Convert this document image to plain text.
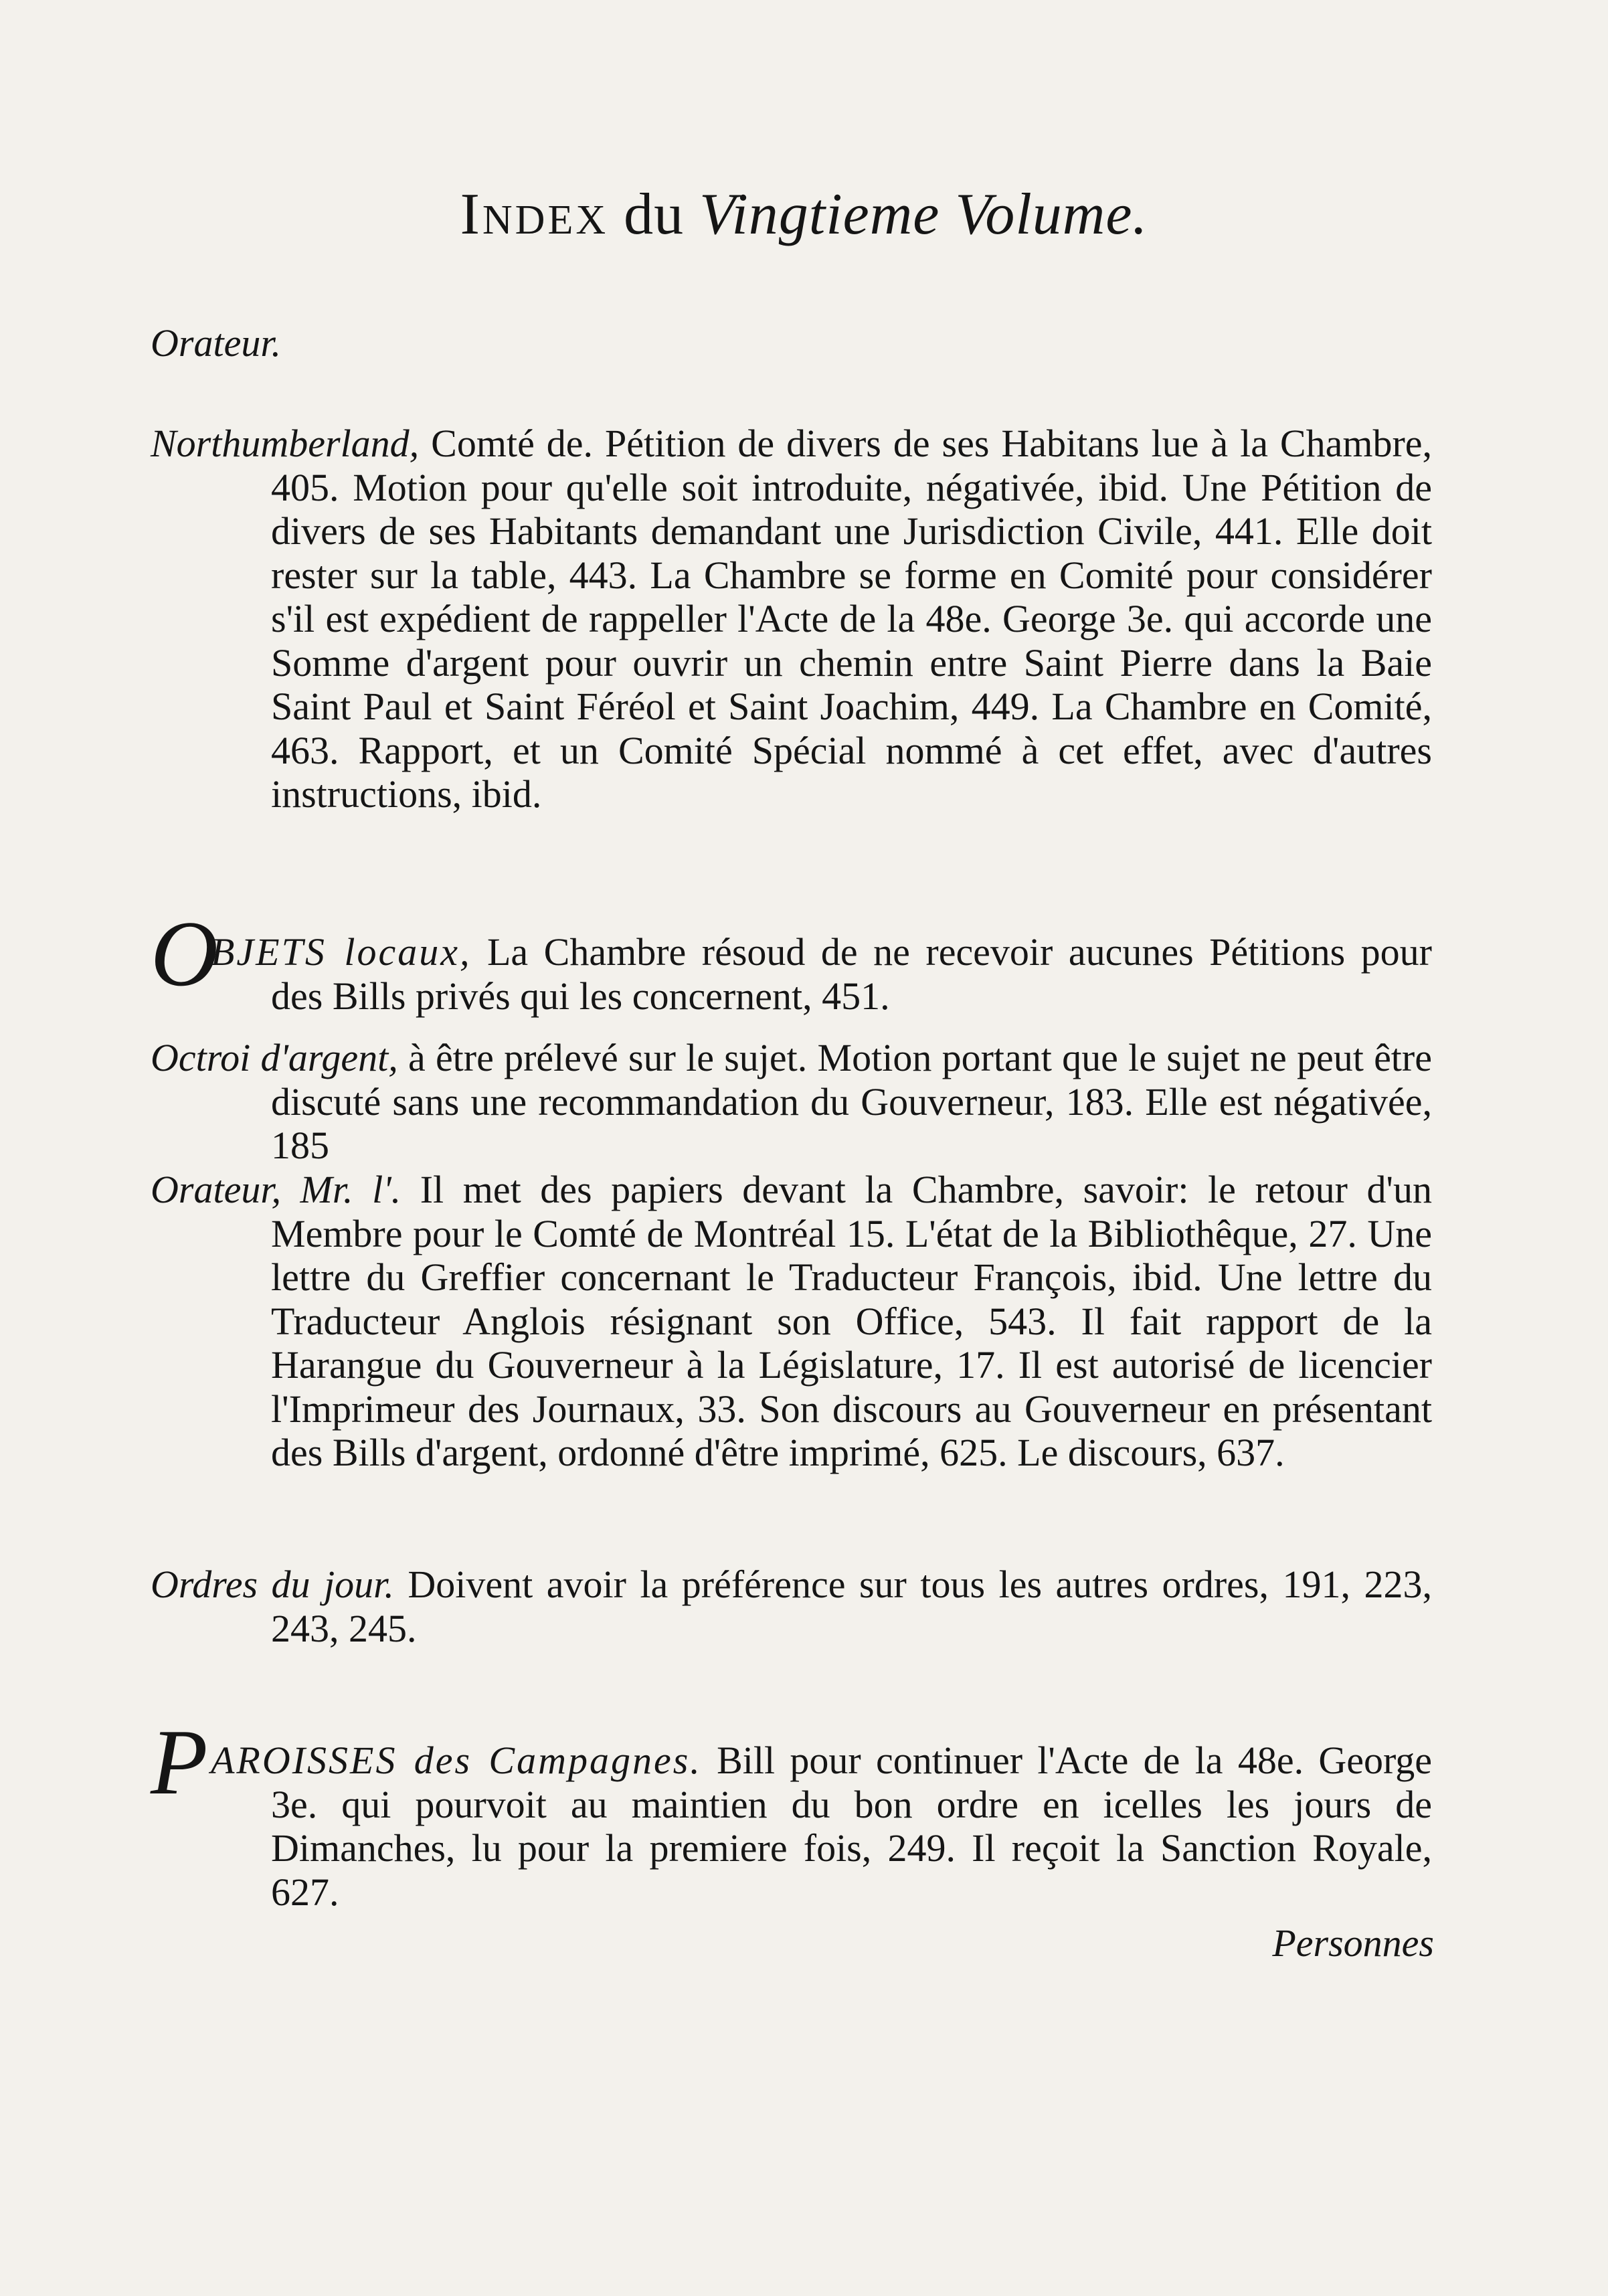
Index du Vingtieme Volume.
Orateur.
Northumberland, Comté de. Pétition de divers de ses Habitans lue à la Chambre, 405. Motion pour qu'elle soit introduite, négativée, ibid. Une Pétition de divers de ses Habitants demandant une Jurisdiction Civile, 441. Elle doit rester sur la table, 443. La Chambre se forme en Comité pour considérer s'il est expédient de rappeller l'Acte de la 48e. George 3e. qui accorde une Somme d'argent pour ouvrir un chemin entre Saint Pierre dans la Baie Saint Paul et Saint Féréol et Saint Joachim, 449. La Chambre en Comité, 463. Rapport, et un Comité Spécial nommé à cet effet, avec d'autres instructions, ibid.
O
BJETS locaux, La Chambre résoud de ne recevoir aucunes Pétitions pour des Bills privés qui les concernent, 451.
Octroi d'argent, à être prélevé sur le sujet. Motion portant que le sujet ne peut être discuté sans une recommandation du Gouverneur, 183. Elle est négativée, 185
Orateur, Mr. l'. Il met des papiers devant la Chambre, savoir: le retour d'un Membre pour le Comté de Montréal 15. L'état de la Bibliothêque, 27. Une lettre du Greffier concernant le Traducteur François, ibid. Une lettre du Traducteur Anglois résignant son Office, 543. Il fait rapport de la Harangue du Gouverneur à la Législature, 17. Il est autorisé de licencier l'Imprimeur des Journaux, 33. Son discours au Gouverneur en présentant des Bills d'argent, ordonné d'être imprimé, 625. Le discours, 637.
Ordres du jour. Doivent avoir la préférence sur tous les autres ordres, 191, 223, 243, 245.
P AROISSES des Campagnes. Bill pour continuer l'Acte de la 48e. George 3e. qui pourvoit au maintien du bon ordre en icelles les jours de Dimanches, lu pour la premiere fois, 249. Il reçoit la Sanction Royale, 627.
Personnes
